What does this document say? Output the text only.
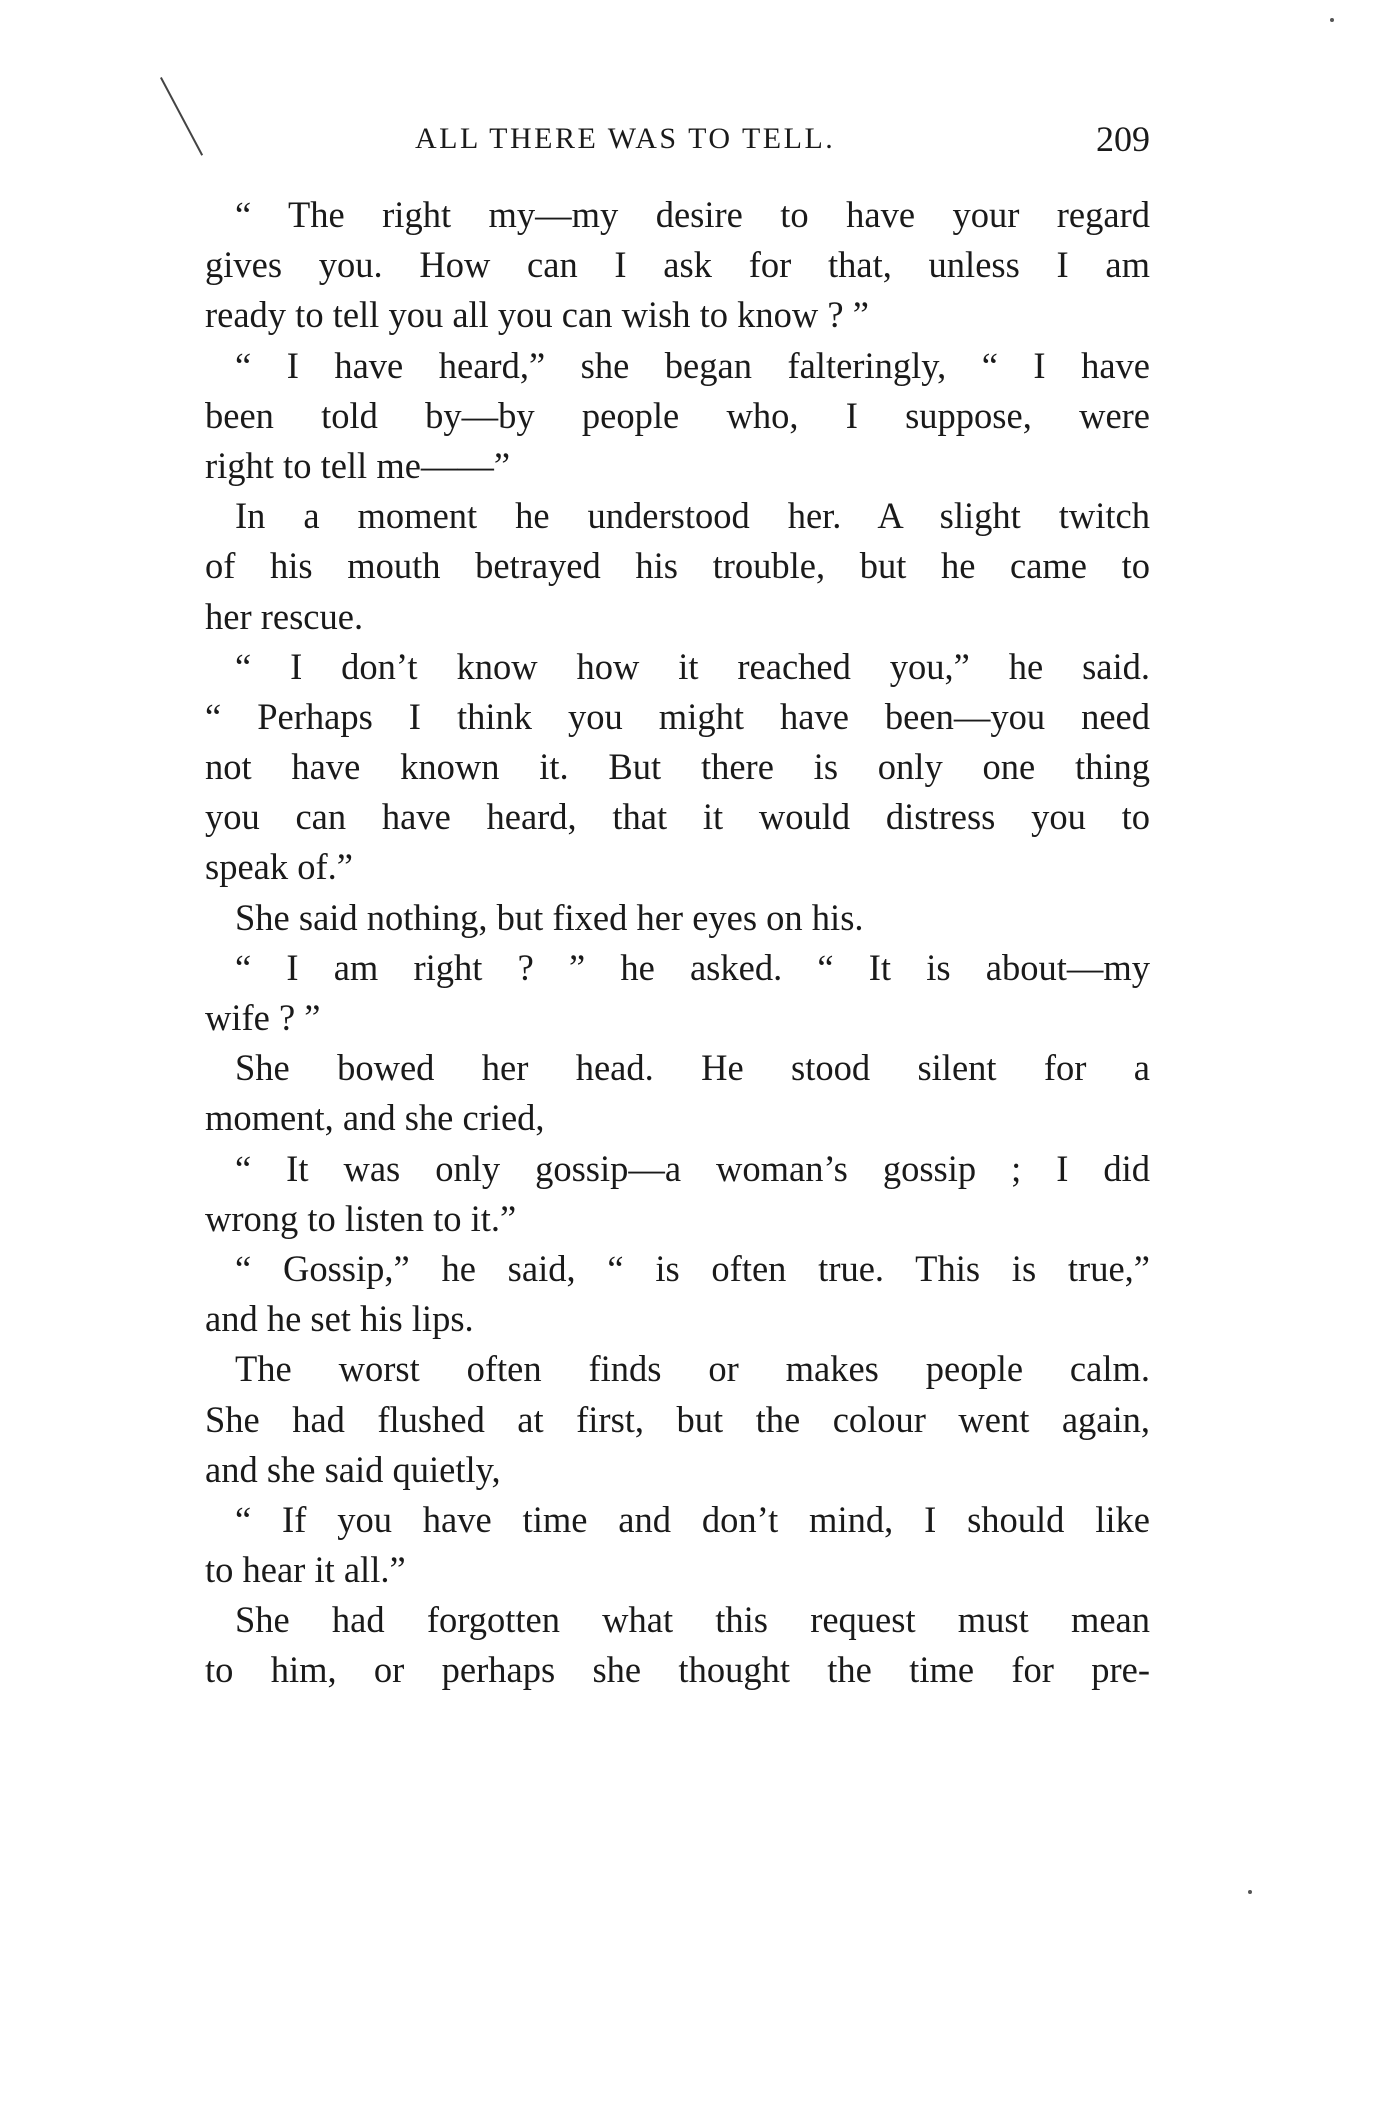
ALL THERE WAS TO TELL.	209
“ The right my—my desire to have your regard
gives you. How can I ask for that, unless I am
ready to tell you all you can wish to know ? ”
“ I have heard,” she began falteringly, “ I have
been told by—by people who, I suppose, were
right to tell me——”
In a moment he understood her. A slight twitch
of his mouth betrayed his trouble, but he came to
her rescue.
“ I don’t know how it reached you,” he said.
“ Perhaps I think you might have been—you need
not have known it. But there is only one thing
you can have heard, that it would distress you to
speak of.”
She said nothing, but fixed her eyes on his.
“ I am right ? ” he asked. “ It is about—my
wife ? ”
She bowed her head. He stood silent for a
moment, and she cried,
“ It was only gossip—a woman’s gossip ; I did
wrong to listen to it.”
“ Gossip,” he said, “ is often true. This is true,”
and he set his lips.
The worst often finds or makes people calm.
She had flushed at first, but the colour went again,
and she said quietly,
“ If you have time and don’t mind, I should like
to hear it all.”
She had forgotten what this request must mean
to him, or perhaps she thought the time for pre-
